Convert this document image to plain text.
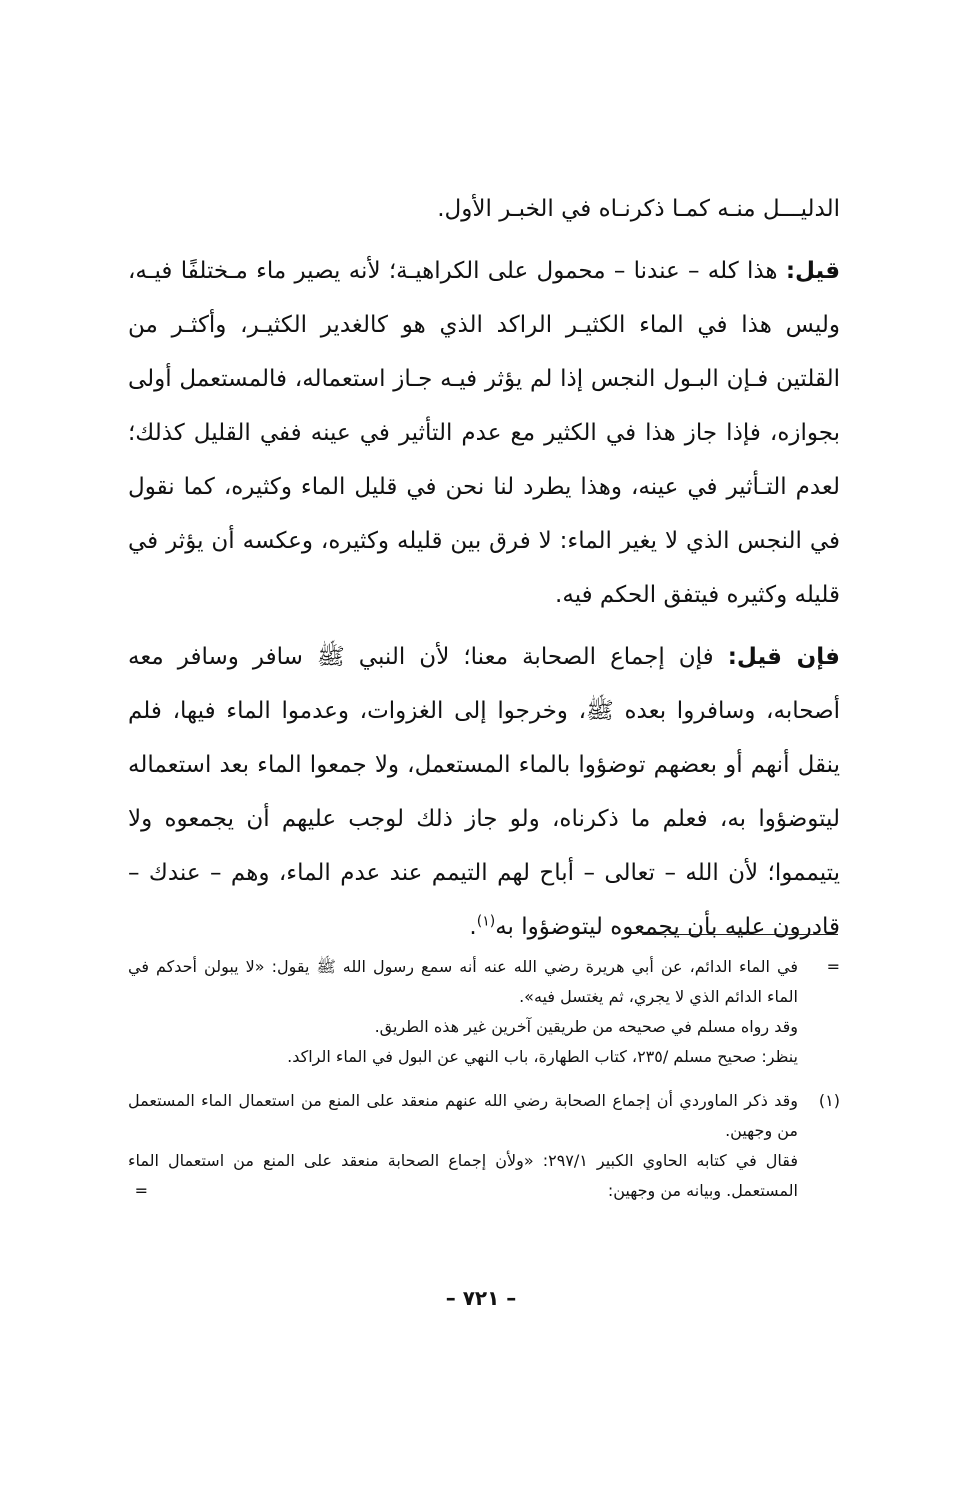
الدليـــل منـه كمـا ذكرنـاه في الخبـر الأول.

قيل: هذا كله – عندنا – محمول على الكراهيـة؛ لأنه يصير ماء مـختلفًا فيـه، وليس هذا في الماء الكثيـر الراكد الذي هو كالغدير الكثيـر، وأكثـر من القلتين فـإن البـول النجس إذا لم يؤثر فيـه جـاز استعماله، فالمستعمل أولى بجوازه، فإذا جاز هذا في الكثير مع عدم التأثير في عينه ففي القليل كذلك؛ لعدم التـأثير في عينه، وهذا يطرد لنا نحن في قليل الماء وكثيره، كما نقول في النجس الذي لا يغير الماء: لا فرق بين قليله وكثيره، وعكسه أن يؤثر في قليله وكثيره فيتفق الحكم فيه.

فإن قيل: فإن إجماع الصحابة معنا؛ لأن النبي ﷺ سافر وسافر معه أصحابه، وسافروا بعده ﷺ، وخرجوا إلى الغزوات، وعدموا الماء فيها، فلم ينقل أنهم أو بعضهم توضؤوا بالماء المستعمل، ولا جمعوا الماء بعد استعماله ليتوضؤوا به، فعلم ما ذكرناه، ولو جاز ذلك لوجب عليهم أن يجمعوه ولا يتيمموا؛ لأن الله – تعالى – أباح لهم التيمم عند عدم الماء، وهم – عندك – قادرون عليه بأن يجمعوه ليتوضؤوا به$^{(١)}$.

=

في الماء الدائم، عن أبي هريرة رضي الله عنه أنه سمع رسول الله ﷺ يقول: «لا يبولن أحدكم في الماء الدائم الذي لا يجري، ثم يغتسل فيه».

وقد رواه مسلم في صحيحه من طريقين آخرين غير هذه الطريق.

ينظر: صحيح مسلم /٢٣٥، كتاب الطهارة، باب النهي عن البول في الماء الراكد.

(١)

وقد ذكر الماوردي أن إجماع الصحابة رضي الله عنهم منعقد على المنع من استعمال الماء المستعمل من وجهين.

فقال في كتابه الحاوي الكبير ٢٩٧/١: «ولأن إجماع الصحابة منعقد على المنع من استعمال الماء المستعمل. وبيانه من وجهين:
=

– ٧٢١ –
